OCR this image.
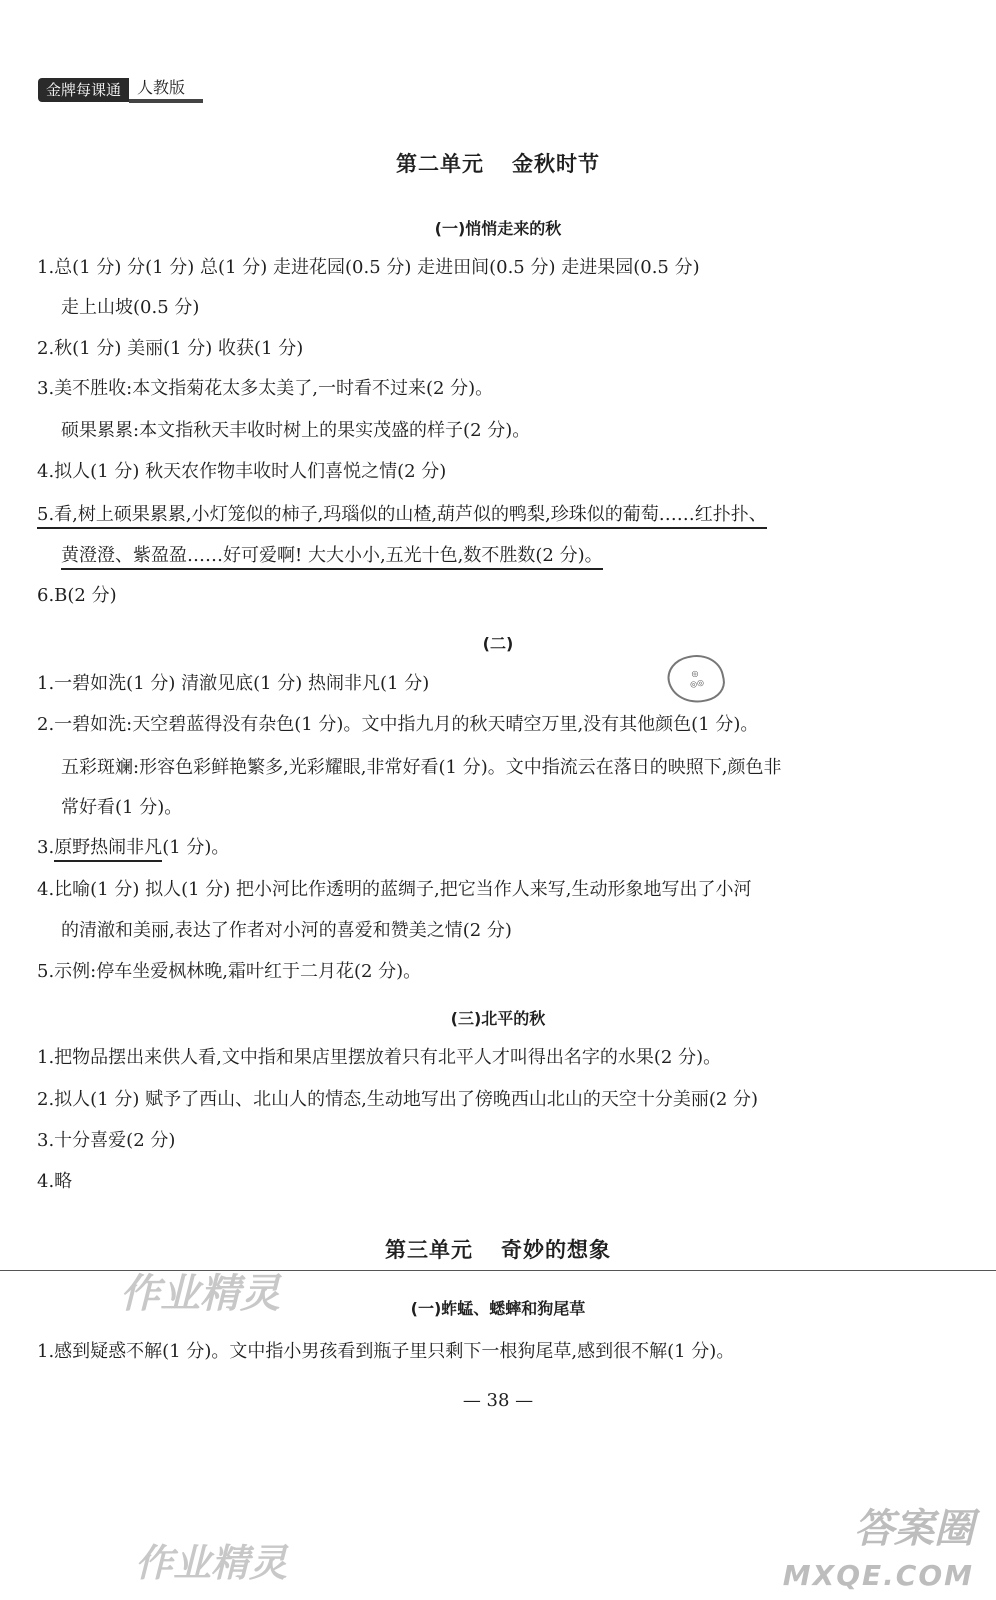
金牌每课通	人教版
第二单元 金秋时节
(一)悄悄走来的秋
1.总(1 分) 分(1 分) 总(1 分) 走进花园(0.5 分) 走进田间(0.5 分) 走进果园(0.5 分)
走上山坡(0.5 分)
2.秋(1 分) 美丽(1 分) 收获(1 分)
3.美不胜收:本文指菊花太多太美了,一时看不过来(2 分)。
硕果累累:本文指秋天丰收时树上的果实茂盛的样子(2 分)。
4.拟人(1 分) 秋天农作物丰收时人们喜悦之情(2 分)
5.看,树上硕果累累,小灯笼似的柿子,玛瑙似的山楂,葫芦似的鸭梨,珍珠似的葡萄……红扑扑、
黄澄澄、紫盈盈……好可爱啊! 大大小小,五光十色,数不胜数(2 分)。
6.B(2 分)
(二)
◎
◎◎
1.一碧如洗(1 分) 清澈见底(1 分) 热闹非凡(1 分)
2.一碧如洗:天空碧蓝得没有杂色(1 分)。文中指九月的秋天晴空万里,没有其他颜色(1 分)。
五彩斑斓:形容色彩鲜艳繁多,光彩耀眼,非常好看(1 分)。文中指流云在落日的映照下,颜色非
常好看(1 分)。
3.原野热闹非凡(1 分)。
4.比喻(1 分) 拟人(1 分) 把小河比作透明的蓝绸子,把它当作人来写,生动形象地写出了小河
的清澈和美丽,表达了作者对小河的喜爱和赞美之情(2 分)
5.示例:停车坐爱枫林晚,霜叶红于二月花(2 分)。
(三)北平的秋
1.把物品摆出来供人看,文中指和果店里摆放着只有北平人才叫得出名字的水果(2 分)。
2.拟人(1 分) 赋予了西山、北山人的情态,生动地写出了傍晚西山北山的天空十分美丽(2 分)
3.十分喜爱(2 分)
4.略
第三单元 奇妙的想象
作业精灵	(一)蚱蜢、蟋蟀和狗尾草
1.感到疑惑不解(1 分)。文中指小男孩看到瓶子里只剩下一根狗尾草,感到很不解(1 分)。
— 38 —
作业精灵
答案圈
MXQE.COM
